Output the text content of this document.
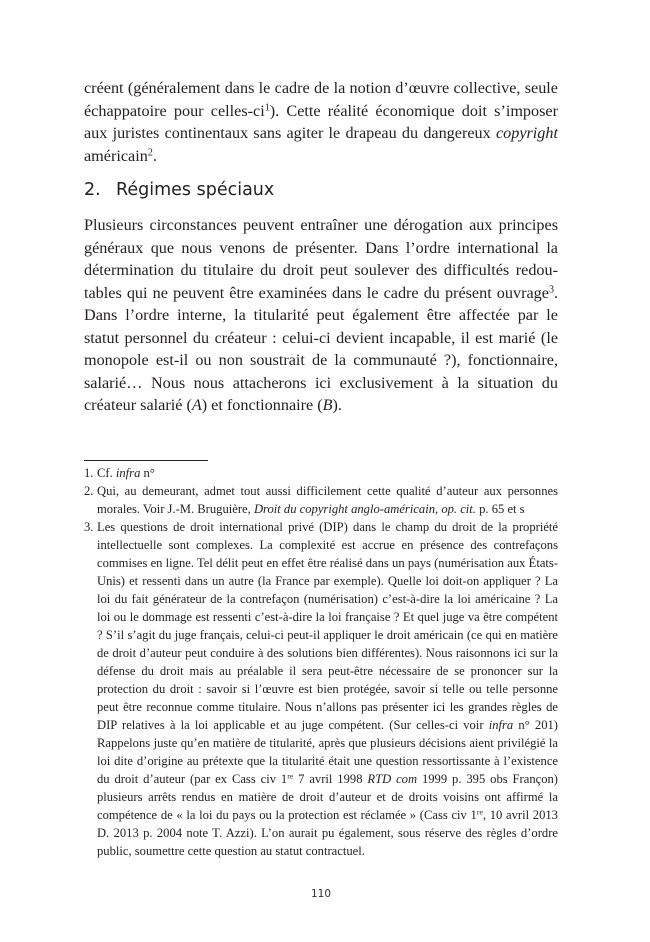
créent (généralement dans le cadre de la notion d’œuvre collective, seule échappatoire pour celles-$ci^1$). Cette réalité économique doit s’imposer aux juristes continentaux sans agiter le drapeau du dangereux copyright américain$^2$.

2. Régimes spéciaux

Plusieurs circonstances peuvent entraîner une dérogation aux principes généraux que nous venons de présenter. Dans l’ordre international la détermination du titulaire du droit peut soulever des difficultés redoutables qui ne peuvent être examinées dans le cadre du présent ouvrage$^3$. Dans l’ordre interne, la titularité peut également être affectée par le statut personnel du créateur : celui-ci devient incapable, il est marié (le monopole est-il ou non soustrait de la communauté ?), fonctionnaire, salarié… Nous nous attacherons ici exclusivement à la situation du créateur salarié (A) et fonctionnaire (B).

1. Cf. infra n°
2. Qui, au demeurant, admet tout aussi difficilement cette qualité d’auteur aux personnes morales. Voir J.-M. Bruguière, Droit du copyright anglo-américain, op. cit. p. 65 et s
3. Les questions de droit international privé (DIP) dans le champ du droit de la propriété intellectuelle sont complexes. La complexité est accrue en présence des contrefaçons commises en ligne. Tel délit peut en effet être réalisé dans un pays (numérisation aux États-Unis) et ressenti dans un autre (la France par exemple). Quelle loi doit-on appliquer ? La loi du fait générateur de la contrefaçon (numérisation) c’est-à-dire la loi américaine ? La loi ou le dommage est ressenti c’est-à-dire la loi française ? Et quel juge va être compétent ? S’il s’agit du juge français, celui-ci peut-il appliquer le droit américain (ce qui en matière de droit d’auteur peut conduire à des solutions bien différentes). Nous raisonnons ici sur la défense du droit mais au préalable il sera peut-être nécessaire de se prononcer sur la protection du droit : savoir si l’œuvre est bien protégée, savoir si telle ou telle personne peut être reconnue comme titulaire. Nous n’allons pas présenter ici les grandes règles de DIP relatives à la loi applicable et au juge compétent. (Sur celles-ci voir infra n° 201) Rappelons juste qu’en matière de titularité, après que plusieurs décisions aient privilégié la loi dite d’origine au prétexte que la titularité était une question ressortissante à l’existence du droit d’auteur (par ex Cass civ 1re 7 avril 1998 RTD com 1999 p. 395 obs Françon) plusieurs arrêts rendus en matière de droit d’auteur et de droits voisins ont affirmé la compétence de « la loi du pays ou la protection est réclamée » (Cass civ 1re, 10 avril 2013 D. 2013 p. 2004 note T. Azzi). L’on aurait pu également, sous réserve des règles d’ordre public, soumettre cette question au statut contractuel.
110
